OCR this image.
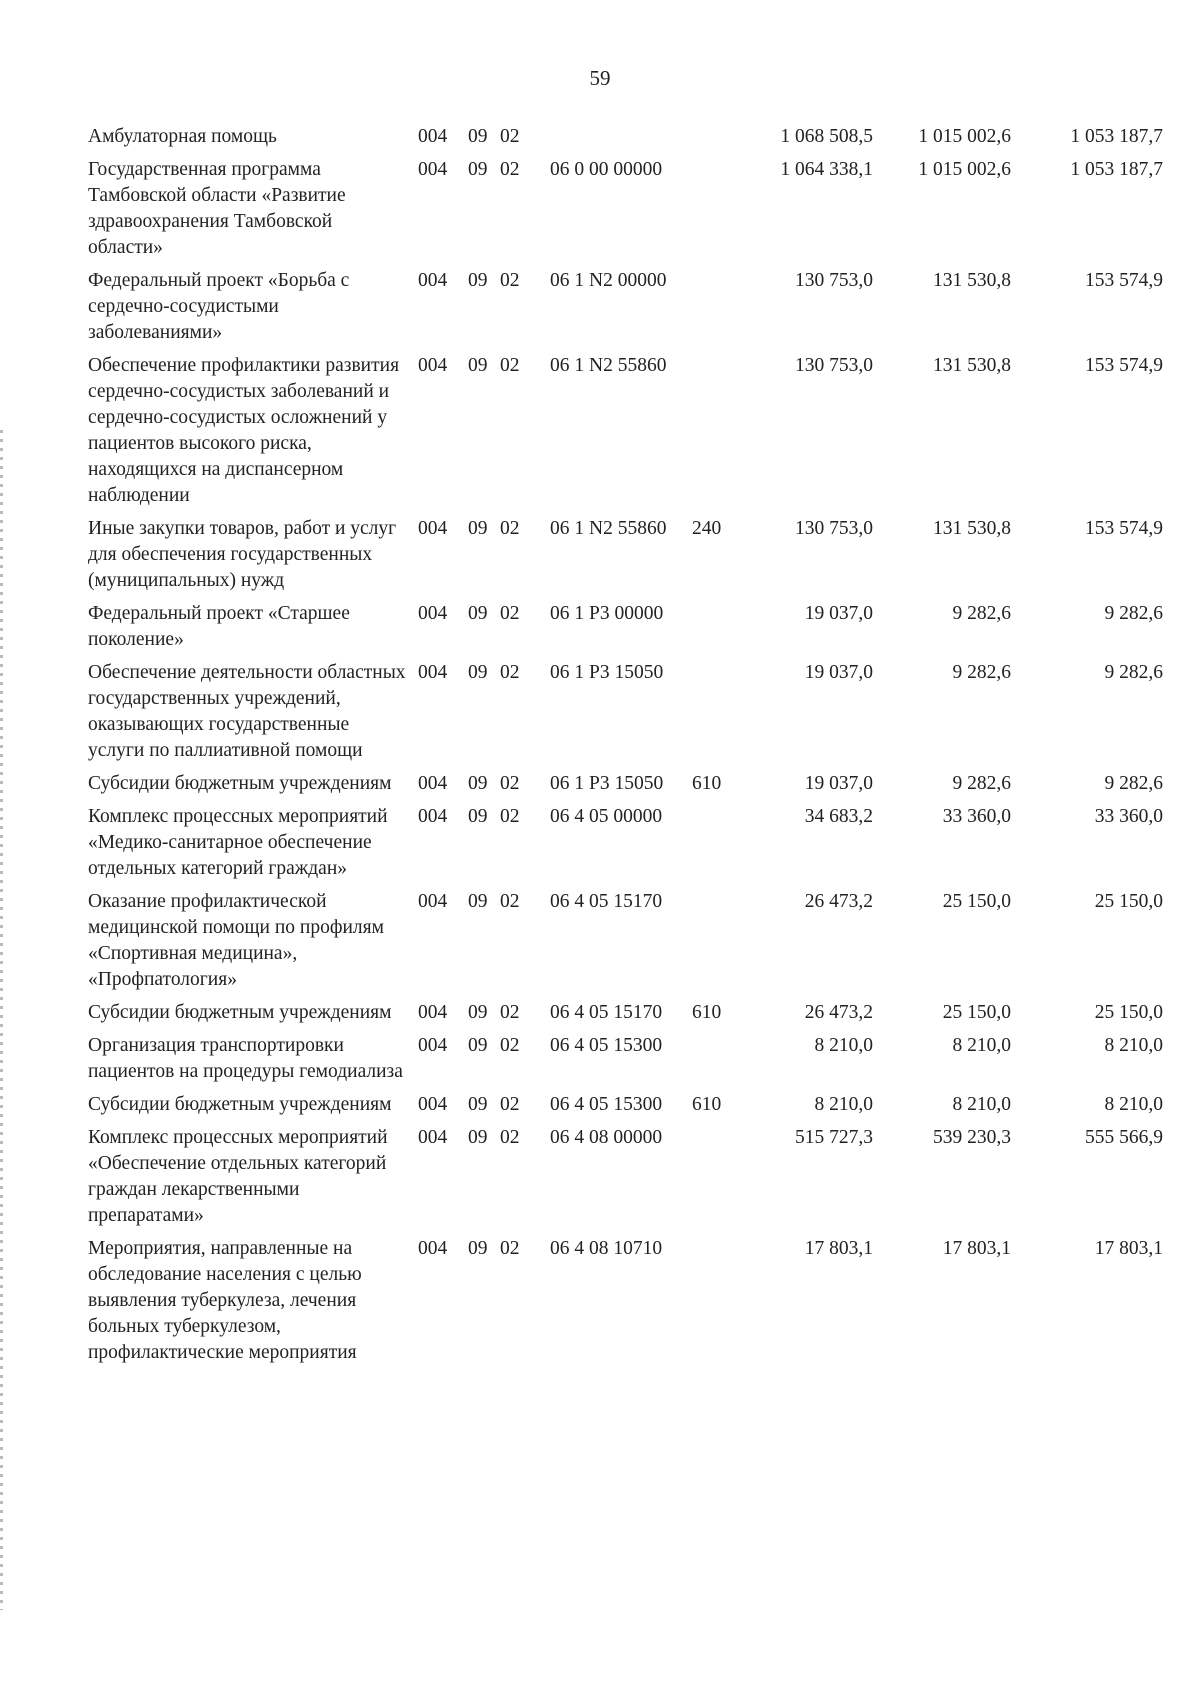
59
Амбулаторная помощь	004	09	02			1 068 508,5	1 015 002,6	1 053 187,7
Государственная программа Тамбовской области «Развитие здравоохранения Тамбовской области»	004	09	02	06 0 00 00000		1 064 338,1	1 015 002,6	1 053 187,7
Федеральный проект «Борьба с сердечно-сосудистыми заболеваниями»	004	09	02	06 1 N2 00000		130 753,0	131 530,8	153 574,9
Обеспечение профилактики развития сердечно-сосудистых заболеваний и сердечно-сосудистых осложнений у пациентов высокого риска, находящихся на диспансерном наблюдении	004	09	02	06 1 N2 55860		130 753,0	131 530,8	153 574,9
Иные закупки товаров, работ и услуг для обеспечения государственных (муниципальных) нужд	004	09	02	06 1 N2 55860	240	130 753,0	131 530,8	153 574,9
Федеральный проект «Старшее поколение»	004	09	02	06 1 P3 00000		19 037,0	9 282,6	9 282,6
Обеспечение деятельности областных государственных учреждений, оказывающих государственные услуги по паллиативной помощи	004	09	02	06 1 P3 15050		19 037,0	9 282,6	9 282,6
Субсидии бюджетным учреждениям	004	09	02	06 1 P3 15050	610	19 037,0	9 282,6	9 282,6
Комплекс процессных мероприятий «Медико-санитарное обеспечение отдельных категорий граждан»	004	09	02	06 4 05 00000		34 683,2	33 360,0	33 360,0
Оказание профилактической медицинской помощи по профилям «Спортивная медицина», «Профпатология»	004	09	02	06 4 05 15170		26 473,2	25 150,0	25 150,0
Субсидии бюджетным учреждениям	004	09	02	06 4 05 15170	610	26 473,2	25 150,0	25 150,0
Организация транспортировки пациентов на процедуры гемодиализа	004	09	02	06 4 05 15300		8 210,0	8 210,0	8 210,0
Субсидии бюджетным учреждениям	004	09	02	06 4 05 15300	610	8 210,0	8 210,0	8 210,0
Комплекс процессных мероприятий «Обеспечение отдельных категорий граждан лекарственными препаратами»	004	09	02	06 4 08 00000		515 727,3	539 230,3	555 566,9
Мероприятия, направленные на обследование населения с целью выявления туберкулеза, лечения больных туберкулезом, профилактические мероприятия	004	09	02	06 4 08 10710		17 803,1	17 803,1	17 803,1
